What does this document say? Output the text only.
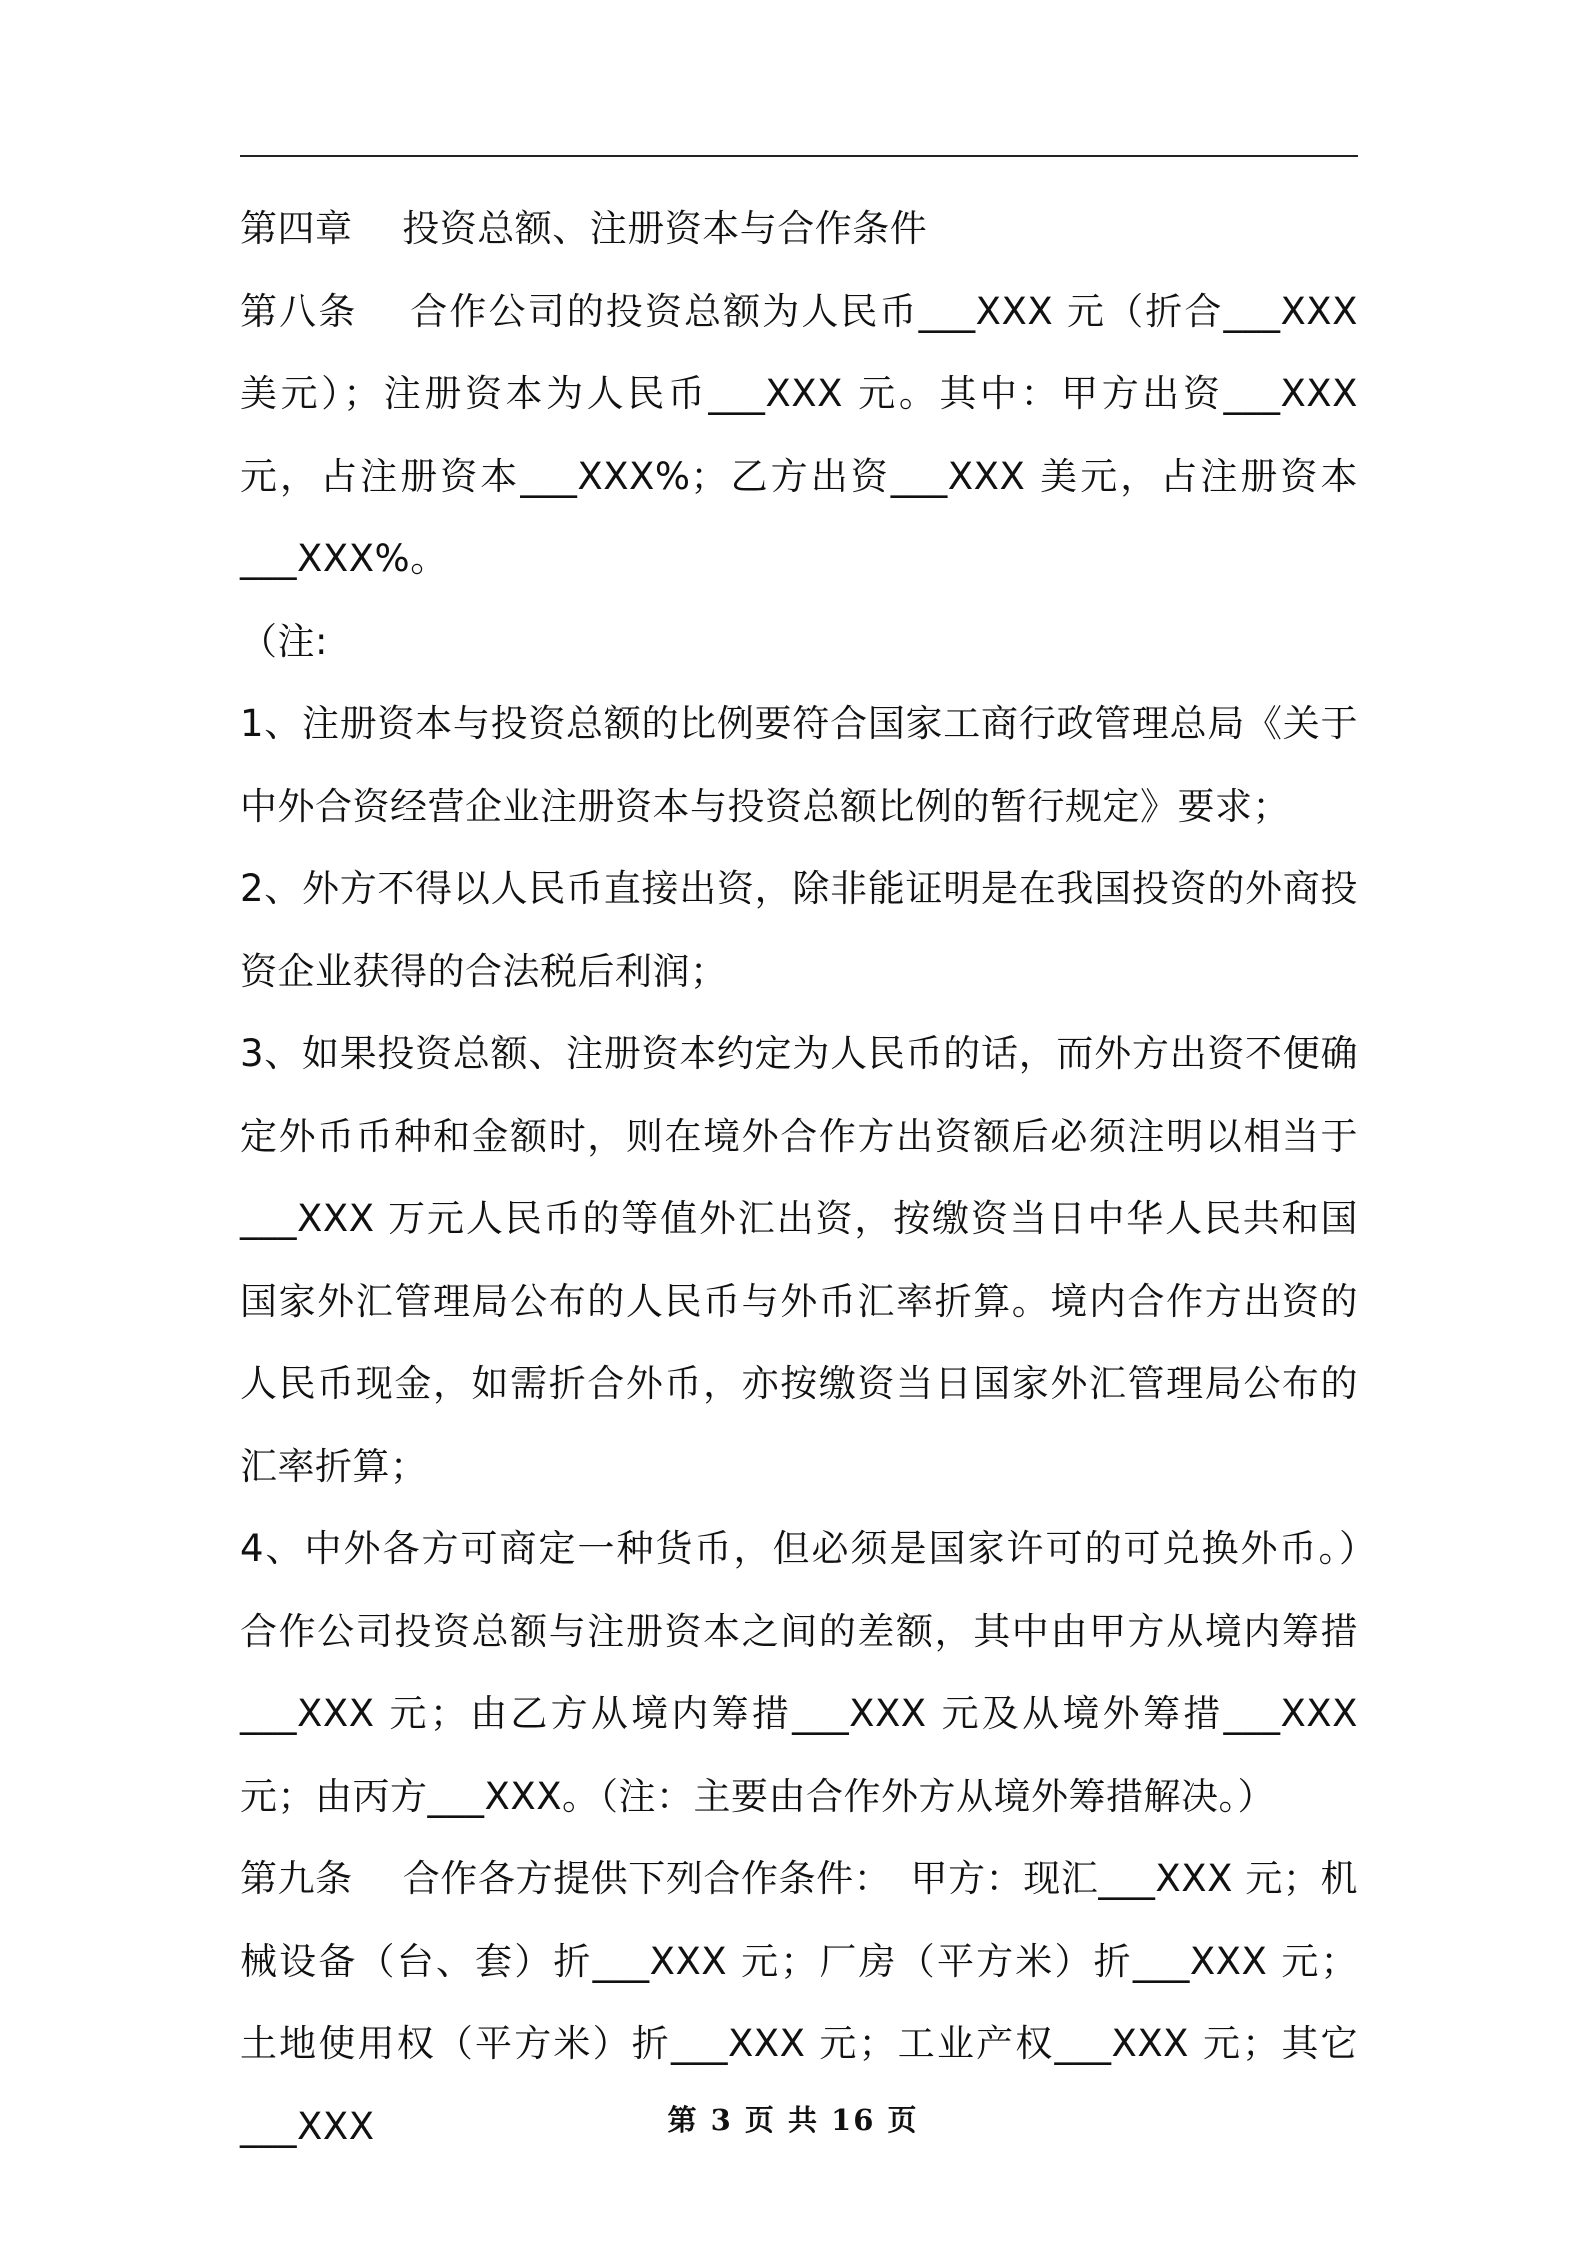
第四章　 投资总额、注册资本与合作条件

第八条　 合作公司的投资总额为人民币___XXX 元（折合___XXX 美元）；注册资本为人民币___XXX 元。其中：甲方出资___XXX 元，占注册资本___XXX%；乙方出资___XXX 美元，占注册资本___XXX%。

（注:

1、注册资本与投资总额的比例要符合国家工商行政管理总局《关于中外合资经营企业注册资本与投资总额比例的暂行规定》要求；

2、外方不得以人民币直接出资，除非能证明是在我国投资的外商投资企业获得的合法税后利润；

3、如果投资总额、注册资本约定为人民币的话，而外方出资不便确定外币币种和金额时，则在境外合作方出资额后必须注明以相当于___XXX 万元人民币的等值外汇出资，按缴资当日中华人民共和国国家外汇管理局公布的人民币与外币汇率折算。境内合作方出资的人民币现金，如需折合外币，亦按缴资当日国家外汇管理局公布的汇率折算；

4、中外各方可商定一种货币，但必须是国家许可的可兑换外币。）　合作公司投资总额与注册资本之间的差额，其中由甲方从境内筹措___XXX 元；由乙方从境内筹措___XXX 元及从境外筹措___XXX 元；由丙方___XXX。（注：主要由合作外方从境外筹措解决。）

第九条　 合作各方提供下列合作条件：　甲方：现汇___XXX 元；机械设备（台、套）折___XXX 元；厂房（平方米）折___XXX 元；土地使用权（平方米）折___XXX 元；工业产权___XXX 元；其它___XXX	第 3 页 共 16 页
